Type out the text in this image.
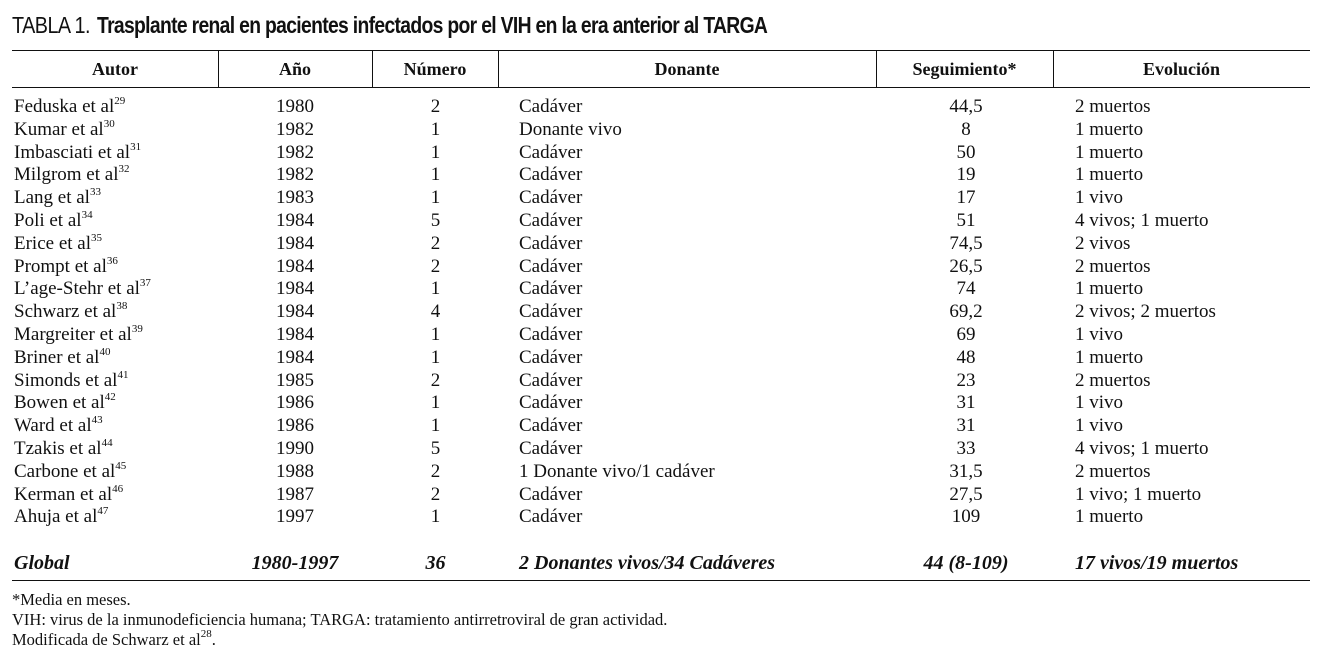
TABLA 1. Trasplante renal en pacientes infectados por el VIH en la era anterior al TARGA
Autor	Año	Número	Donante	Seguimiento*	Evolución
Feduska et $al^{29}$	1980	2	Cadáver	44,5	2 muertos
Kumar et $al^{30}$	1982	1	Donante vivo	8	1 muerto
Imbasciati et $al^{31}$	1982	1	Cadáver	50	1 muerto
Milgrom et $al^{32}$	1982	1	Cadáver	19	1 muerto
Lang et $al^{33}$	1983	1	Cadáver	17	1 vivo
Poli et $al^{34}$	1984	5	Cadáver	51	4 vivos; 1 muerto
Erice et $al^{35}$	1984	2	Cadáver	74,5	2 vivos
Prompt et $al^{36}$	1984	2	Cadáver	26,5	2 muertos
L’age-Stehr et $al^{37}$	1984	1	Cadáver	74	1 muerto
Schwarz et $al^{38}$	1984	4	Cadáver	69,2	2 vivos; 2 muertos
Margreiter et $al^{39}$	1984	1	Cadáver	69	1 vivo
Briner et $al^{40}$	1984	1	Cadáver	48	1 muerto
Simonds et $al^{41}$	1985	2	Cadáver	23	2 muertos
Bowen et $al^{42}$	1986	1	Cadáver	31	1 vivo
Ward et $al^{43}$	1986	1	Cadáver	31	1 vivo
Tzakis et $al^{44}$	1990	5	Cadáver	33	4 vivos; 1 muerto
Carbone et $al^{45}$	1988	2	1 Donante vivo/1 cadáver	31,5	2 muertos
Kerman et $al^{46}$	1987	2	Cadáver	27,5	1 vivo; 1 muerto
Ahuja et $al^{47}$	1997	1	Cadáver	109	1 muerto
Global	1980-1997	36	2 Donantes vivos/34 Cadáveres	44 (8-109)	17 vivos/19 muertos
*Media en meses.
VIH: virus de la inmunodeficiencia humana; TARGA: tratamiento antirretroviral de gran actividad.
Modificada de Schwarz et $al^{28}$.
